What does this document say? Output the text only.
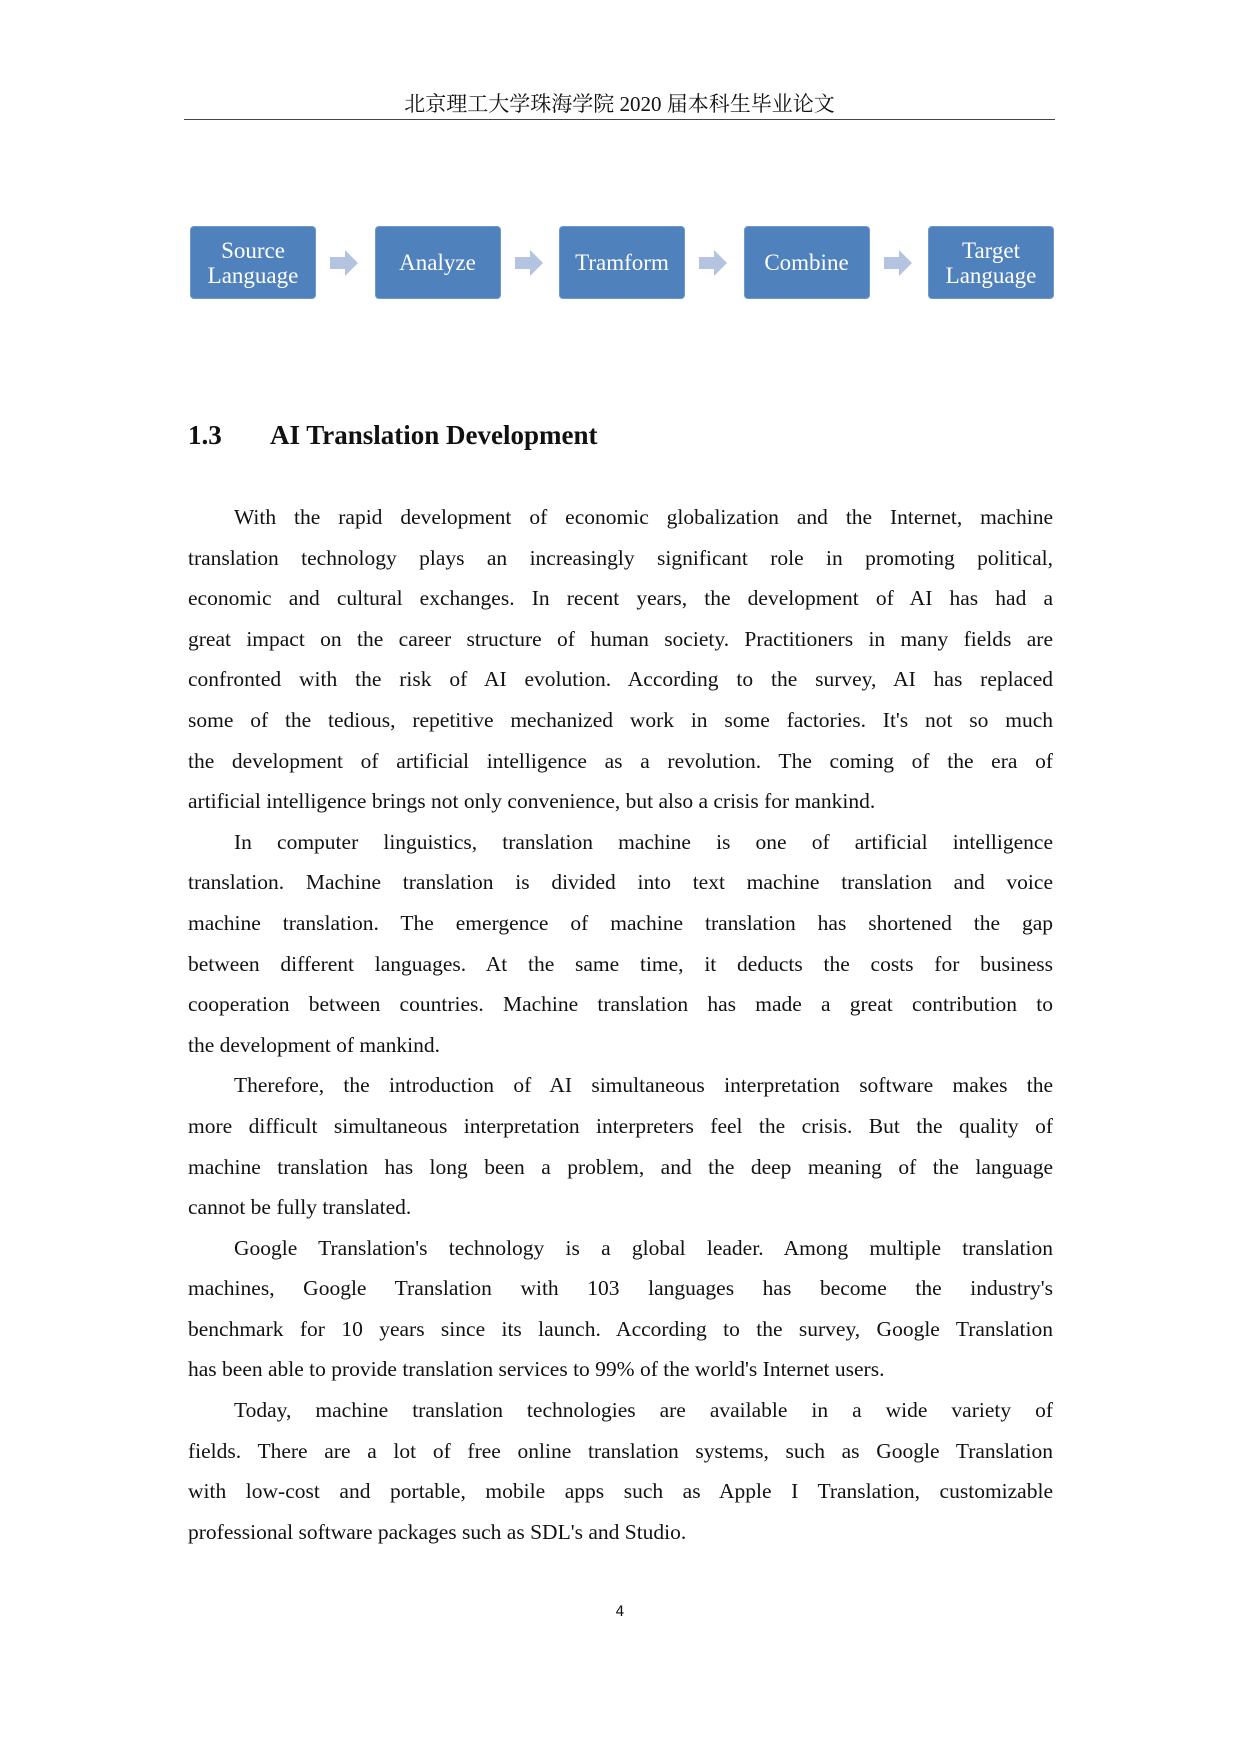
北京理工大学珠海学院 2020 届本科生毕业论文
Source Language	Analyze	Tramform	Combine	Target Language
1.3 AI Translation Development
With the rapid development of economic globalization and the Internet, machine
translation technology plays an increasingly significant role in promoting political,
economic and cultural exchanges. In recent years, the development of AI has had a
great impact on the career structure of human society. Practitioners in many fields are
confronted with the risk of AI evolution. According to the survey, AI has replaced
some of the tedious, repetitive mechanized work in some factories. It's not so much
the development of artificial intelligence as a revolution. The coming of the era of
artificial intelligence brings not only convenience, but also a crisis for mankind.
In computer linguistics, translation machine is one of artificial intelligence
translation. Machine translation is divided into text machine translation and voice
machine translation. The emergence of machine translation has shortened the gap
between different languages. At the same time, it deducts the costs for business
cooperation between countries. Machine translation has made a great contribution to
the development of mankind.
Therefore, the introduction of AI simultaneous interpretation software makes the
more difficult simultaneous interpretation interpreters feel the crisis. But the quality of
machine translation has long been a problem, and the deep meaning of the language
cannot be fully translated.
Google Translation's technology is a global leader. Among multiple translation
machines, Google Translation with 103 languages has become the industry's
benchmark for 10 years since its launch. According to the survey, Google Translation
has been able to provide translation services to 99% of the world's Internet users.
Today, machine translation technologies are available in a wide variety of
fields. There are a lot of free online translation systems, such as Google Translation
with low-cost and portable, mobile apps such as Apple I Translation, customizable
professional software packages such as SDL's and Studio.
4
